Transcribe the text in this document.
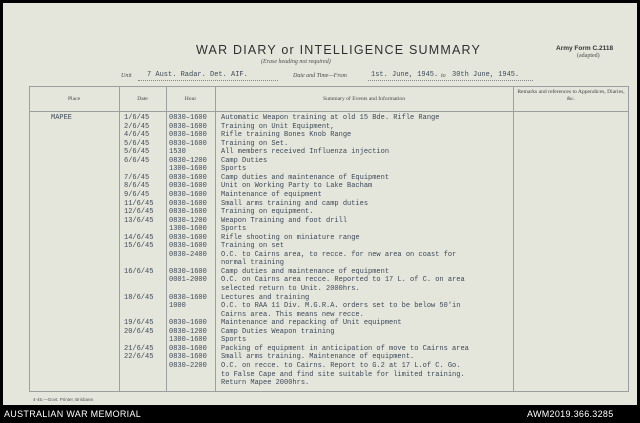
WAR DIARY or INTELLIGENCE SUMMARY
(Erase heading not required)
Army Form C.2118
(adapted)
Unit 7 Aust. Radar. Det. AIF.	Date and Time—From	1st. June, 1945. to 30th June, 1945.
Place	Date	Hour	Summary of Events and Information
Remarks and references to Appendices, Diaries, &c.
MAPEE	1/6/45	0830–1600 Automatic Weapon training at old 15 Bde. Rifle Range
2/6/45	0830–1600 Training on Unit Equipment,
4/6/45	0830–1600 Rifle training Bones Knob Range
5/6/45	0830–1600 Training on Set.
5/6/45	1530	All members received Influenza injection
6/6/45	0830–1200 Camp Duties
1300–1600 Sports
7/6/45	0830–1600 Camp duties and maintenance of Equipment
8/6/45	0830–1600 Unit on Working Party to Lake Bacham
9/6/45	0830–1600 Maintenance of equipment
11/6/45 0830–1600 Small arms training and camp duties
12/6/45 0830–1600 Training on equipment.
13/6/45 0830–1200 Weapon Training and foot drill
1300–1600 Sports
14/6/45 0830–1600 Rifle shooting on miniature range
15/6/45 0830–1600 Training on set
0830–2400 O.C. to Cairns area, to recce. for new area on coast for
normal training
16/6/45 0830–1600 Camp duties and maintenance of equipment
0001–2000 O.C. on Cairns area recce. Reported to 17 L. of C. on area
selected return to Unit. 2000hrs.
18/6/45 0830–1600 Lectures and training
1000	O.C. to RAA 11 Div. M.G.R.A. orders set to be below 50'in
Cairns area. This means new recce.
19/6/45 0830–1600 Maintenance and repacking of Unit equipment
20/6/45 0830–1200 Camp Duties Weapon training
1300–1600 Sports
21/6/45 0830–1600 Packing of equipment in anticipation of move to Cairns area
22/6/45 0830–1600 Small arms training. Maintenance of equipment.
0830–2200 O.C. on recce. to Cairns. Report to G.2 at 17 L.of C. Go.
to False Cape and find site suitable for limited training.
Return Mapee 2000hrs.
4-45.—Govt. Printer, Brisbane.
AUSTRALIAN WAR MEMORIAL	AWM2019.366.3285
